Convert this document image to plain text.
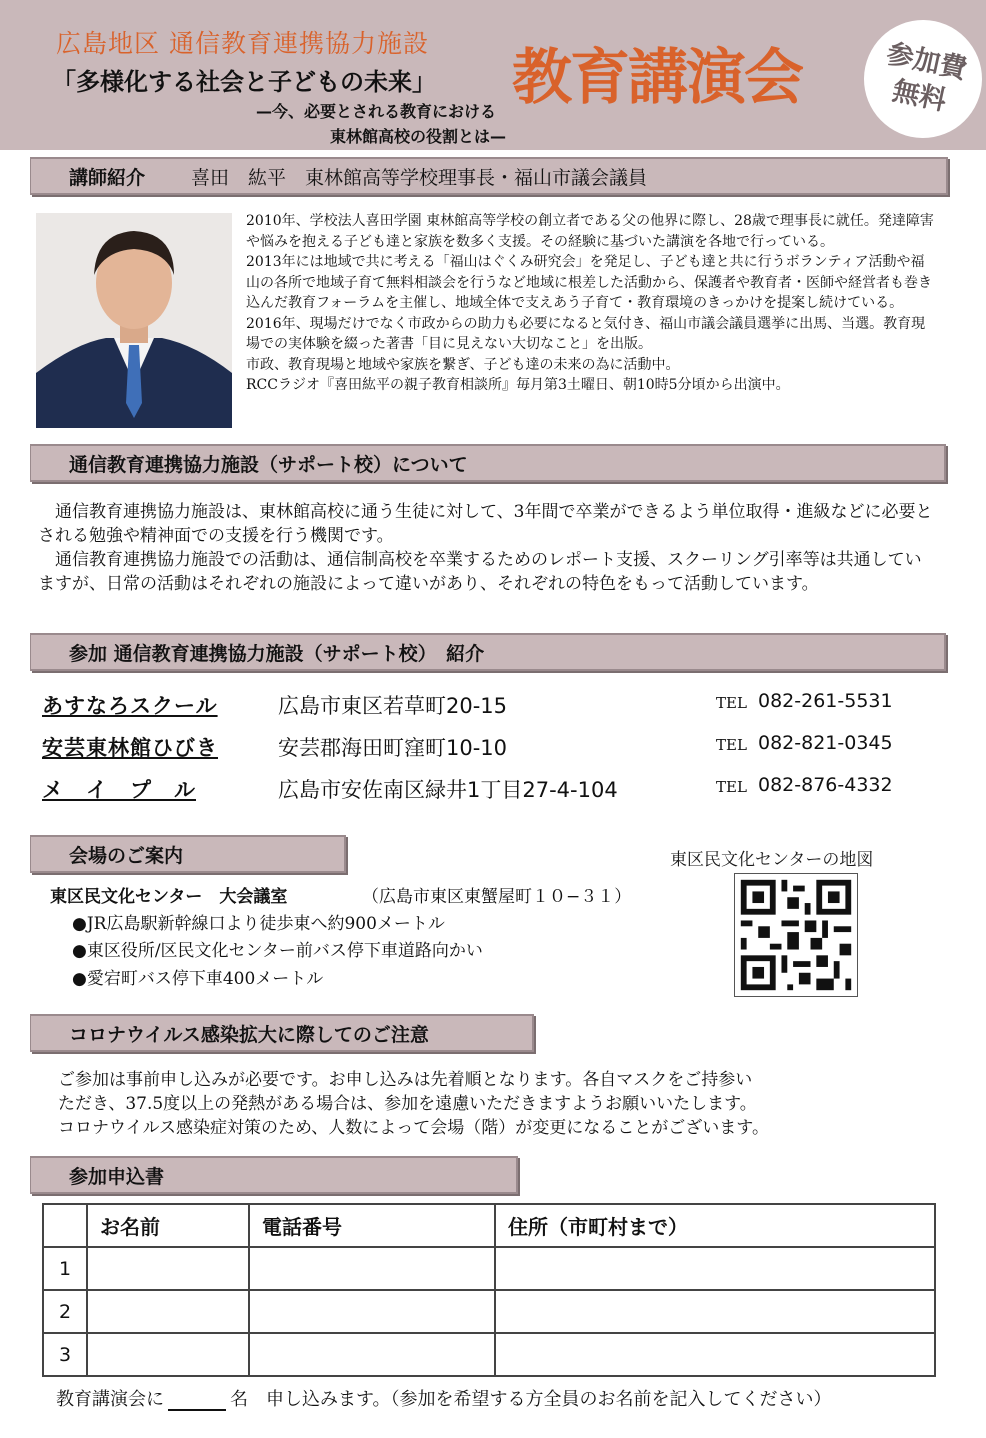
広島地区 通信教育連携協力施設
「多様化する社会と子どもの未来」
—今、必要とされる教育における
東林館高校の役割とは—
教育講演会	参加費
無料
講師紹介 喜田　紘平　東林館高等学校理事長・福山市議会議員

2010年、学校法人喜田学園 東林館高等学校の創立者である父の他界に際し、28歳で理事長に就任。発達障害や悩みを抱える子ども達と家族を数多く支援。その経験に基づいた講演を各地で行っている。

2013年には地域で共に考える「福山はぐくみ研究会」を発足し、子ども達と共に行うボランティア活動や福山の各所で地域子育て無料相談会を行うなど地域に根差した活動から、保護者や教育者・医師や経営者も巻き込んだ教育フォーラムを主催し、地域全体で支えあう子育て・教育環境のきっかけを提案し続けている。

2016年、現場だけでなく市政からの助力も必要になると気付き、福山市議会議員選挙に出馬、当選。教育現場での実体験を綴った著書「目に見えない大切なこと」を出版。

市政、教育現場と地域や家族を繋ぎ、子ども達の未来の為に活動中。

RCCラジオ『喜田紘平の親子教育相談所』毎月第3土曜日、朝10時5分頃から出演中。

通信教育連携協力施設（サポート校）について

通信教育連携協力施設は、東林館高校に通う生徒に対して、3年間で卒業ができるよう単位取得・進級などに必要とされる勉強や精神面での支援を行う機関です。

通信教育連携協力施設での活動は、通信制高校を卒業するためのレポート支援、スクーリング引率等は共通していますが、日常の活動はそれぞれの施設によって違いがあり、それぞれの特色をもって活動しています。

参加 通信教育連携協力施設（サポート校）　紹介
あすなろスクール	広島市東区若草町20-15	TEL 082-261-5531
安芸東林館ひびき	安芸郡海田町窪町10-10	TEL 082-821-0345
メ　イ　プ　ル	広島市安佐南区緑井1丁目27-4-104	TEL 082-876-4332
会場のご案内
東区民文化センター　大会議室	（広島市東区東蟹屋町１０−３１）
●JR広島駅新幹線口より徒歩東へ約900メートル
●東区役所/区民文化センター前バス停下車道路向かい
●愛宕町バス停下車400メートル
東区民文化センターの地図
コロナウイルス感染拡大に際してのご注意
ご参加は事前申し込みが必要です。お申し込みは先着順となります。各自マスクをご持参い
ただき、37.5度以上の発熱がある場合は、参加を遠慮いただきますようお願いいたします。
コロナウイルス感染症対策のため、人数によって会場（階）が変更になることがございます。
参加申込書
	お名前	電話番号	住所（市町村まで）
1			
2			
3			
教育講演会に	名　申し込みます。（参加を希望する方全員のお名前を記入してください）
